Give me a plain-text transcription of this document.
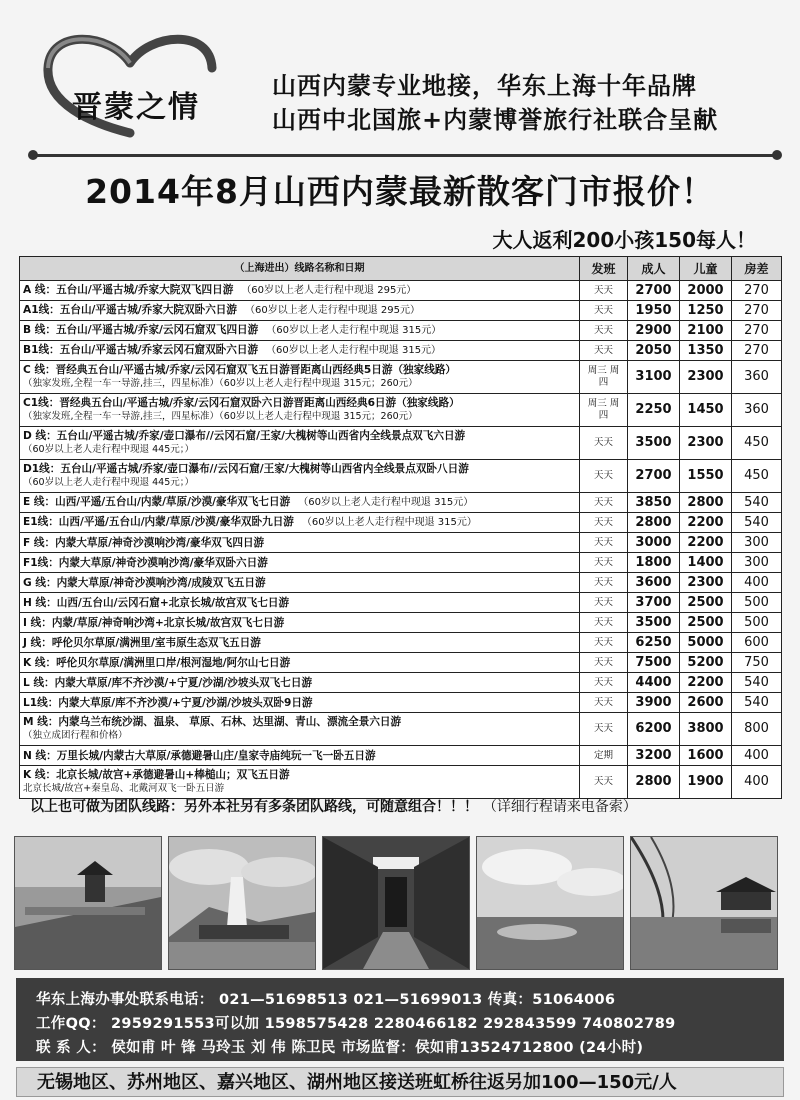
晋蒙之情
山西内蒙专业地接，华东上海十年品牌
山西中北国旅+内蒙博誉旅行社联合呈献
2014年8月山西内蒙最新散客门市报价！
大人返利200小孩150每人！
（上海进出）线路名称和日期	发班	成人	儿童	房差
A 线：五台山/平遥古城/乔家大院双飞四日游 （60岁以上老人走行程中现退 295元）	天天	2700	2000	270
A1线：五台山/平遥古城/乔家大院双卧六日游 （60岁以上老人走行程中现退 295元）	天天	1950	1250	270
B 线：五台山/平遥古城/乔家/云冈石窟双飞四日游 （60岁以上老人走行程中现退 315元）	天天	2900	2100	270
B1线：五台山/平遥古城/乔家云冈石窟双卧六日游 （60岁以上老人走行程中现退 315元）	天天	2050	1350	270
C 线：晋经典五台山/平遥古城/乔家/云冈石窟双飞五日游晋距离山西经典5日游（独家线路）
（独家发班,全程一车一导游,挂三，四星标准）（60岁以上老人走行程中现退 315元；260元）	周三 周四	3100	2300	360
C1线：晋经典五台山/平遥古城/乔家/云冈石窟双卧六日游晋距离山西经典6日游（独家线路）
（独家发班,全程一车一导游,挂三，四星标准）（60岁以上老人走行程中现退 315元；260元）	周三 周四	2250	1450	360
D 线：五台山/平遥古城/乔家/壶口瀑布//云冈石窟/王家/大槐树等山西省内全线景点双飞六日游
（60岁以上老人走行程中现退 445元；）	天天	3500	2300	450
D1线：五台山/平遥古城/乔家/壶口瀑布//云冈石窟/王家/大槐树等山西省内全线景点双卧八日游
（60岁以上老人走行程中现退 445元；）	天天	2700	1550	450
E 线：山西/平遥/五台山/内蒙/草原/沙漠/豪华双飞七日游 （60岁以上老人走行程中现退 315元）	天天	3850	2800	540
E1线：山西/平遥/五台山/内蒙/草原/沙漠/豪华双卧九日游 （60岁以上老人走行程中现退 315元）	天天	2800	2200	540
F 线：内蒙大草原/神奇沙漠响沙湾/豪华双飞四日游	天天	3000	2200	300
F1线：内蒙大草原/神奇沙漠响沙湾/豪华双卧六日游	天天	1800	1400	300
G 线：内蒙大草原/神奇沙漠响沙湾/成陵双飞五日游	天天	3600	2300	400
H 线：山西/五台山/云冈石窟+北京长城/故宫双飞七日游	天天	3700	2500	500
I 线：内蒙/草原/神奇响沙湾+北京长城/故宫双飞七日游	天天	3500	2500	500
J 线：呼伦贝尔草原/满洲里/室韦原生态双飞五日游	天天	6250	5000	600
K 线：呼伦贝尔草原/满洲里口岸/根河湿地/阿尔山七日游	天天	7500	5200	750
L 线：内蒙大草原/库不齐沙漠/+宁夏/沙湖/沙坡头双飞七日游	天天	4400	2200	540
L1线：内蒙大草原/库不齐沙漠/+宁夏/沙湖/沙坡头双卧9日游	天天	3900	2600	540
M 线：内蒙乌兰布统沙湖、温泉、 草原、石林、达里湖、青山、漂流全景六日游
（独立成团行程和价格）	天天	6200	3800	800
N 线：万里长城/内蒙古大草原/承德避暑山庄/皇家寺庙纯玩一飞一卧五日游	定期	3200	1600	400
K 线：北京长城/故宫+承德避暑山+棒槌山；双飞五日游
北京长城/故宫+秦皇岛、北戴河双飞一卧五日游	天天	2800	1900	400
以上也可做为团队线路：另外本社另有多条团队路线，可随意组合！！！ （详细行程请来电备索）
华东上海办事处联系电话： 021—51698513 021—51699013 传真：51064006
工作QQ： 2959291553可以加 1598575428 2280466182 292843599 740802789
联 系 人： 侯如甫 叶 锋 马玲玉 刘 伟 陈卫民 市场监督：侯如甫13524712800 (24小时)
无锡地区、苏州地区、嘉兴地区、湖州地区接送班虹桥往返另加100—150元/人
